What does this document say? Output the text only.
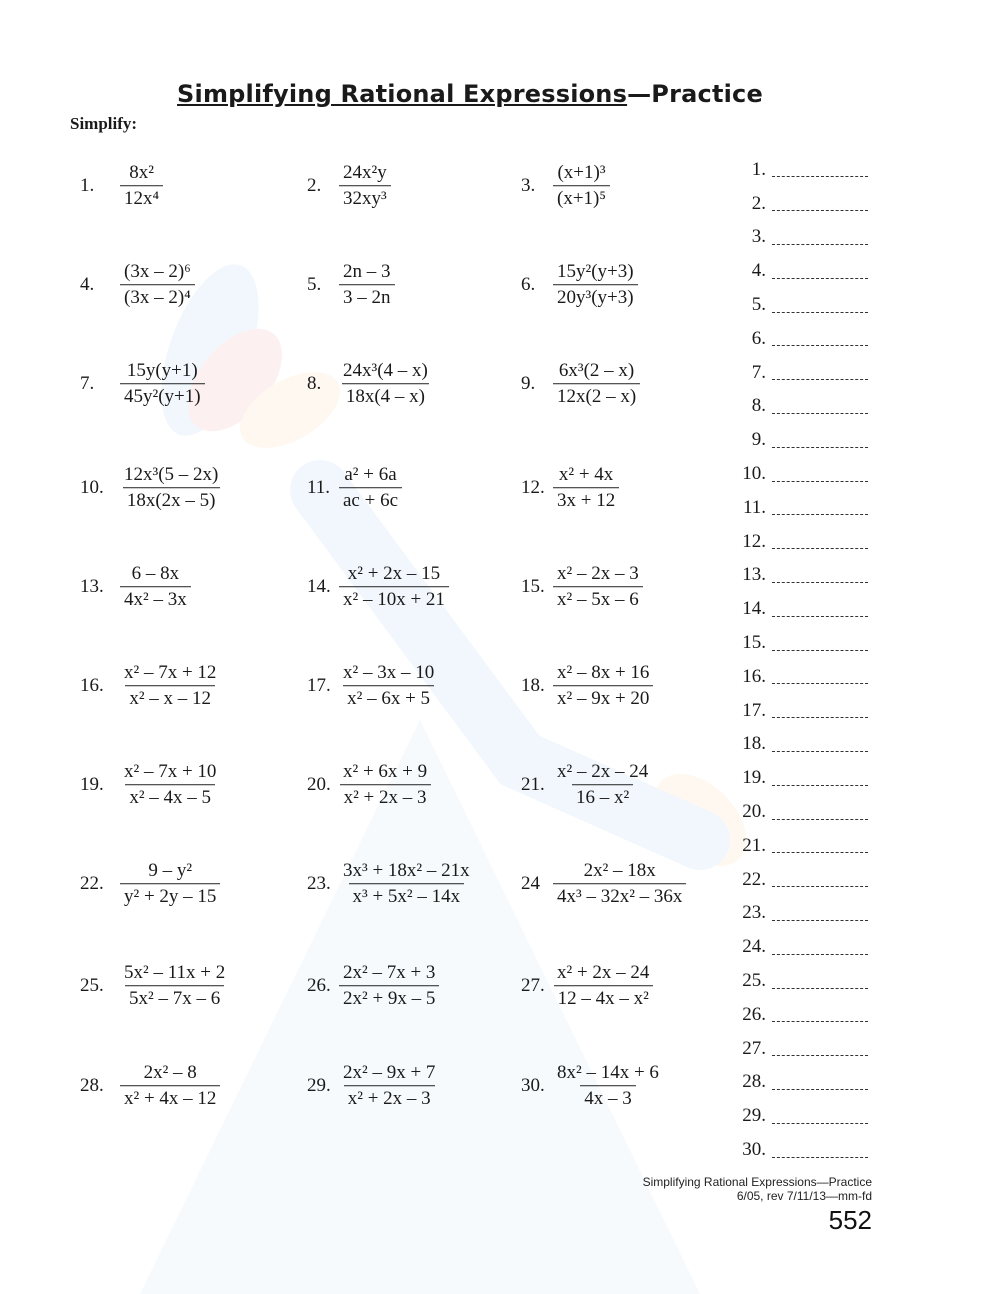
Simplifying Rational Expressions—Practice
Simplify:
1.	$\frac{\text{8x²}}{\text{12x⁴}}$	2. $\frac{\text{24x²y}}{\text{32xy³}}$	3. $\frac{\text{(x+1)³}}{\text{(x+1)⁵}}$
4.	$\frac{\text{(3x – 2)⁶}}{\text{(3x – 2)⁴}}$	5. $\frac{2n - 3}{3 - 2n}$	6. $\frac{\text{15y²(y+3)}}{\text{20y³(y+3)}}$
7.	$\frac{15y(y+1)}{\text{45y²(y+1)}}$	8. $\frac{\text{24x³(4 – x)}}{18x(4 - x)}$	9. $\frac{\text{6x³(2 – x)}}{12x(2 - x)}$
10. $\frac{\text{12x³(5 – 2x)}}{18x(2x - 5)}$	11. $\frac{\text{a² + 6a}}{ac + 6c}$	12. $\frac{\text{x² + 4x}}{3x + 12}$
13. $\frac{6 - 8x}{\text{4x² – 3x}}$	14. $\frac{\text{x² + 2x – 15}}{\text{x² – 10x + 21}}$	15. $\frac{\text{x² – 2x – 3}}{\text{x² – 5x – 6}}$
16. $\frac{\text{x² – 7x + 12}}{\text{x² – x – 12}}$	17. $\frac{\text{x² – 3x – 10}}{\text{x² – 6x + 5}}$	18. $\frac{\text{x² – 8x + 16}}{\text{x² – 9x + 20}}$
19. $\frac{\text{x² – 7x + 10}}{\text{x² – 4x – 5}}$	20. $\frac{\text{x² + 6x + 9}}{\text{x² + 2x – 3}}$	21. $\frac{\text{x² – 2x – 24}}{\text{16 – x²}}$
22. $\frac{\text{9 – y²}}{\text{y² + 2y – 15}}$	23. $\frac{\text{3x³ + 18x² – 21x}}{\text{x³ + 5x² – 14x}} 24 \frac{\text{2x² – 18x}}{\text{4x³ – 32x² – 36x}}$
25. $\frac{\text{5x² – 11x + 2}}{\text{5x² – 7x – 6}}$	26. $\frac{\text{2x² – 7x + 3}}{\text{2x² + 9x – 5}}$	27. $\frac{\text{x² + 2x – 24}}{\text{12 – 4x – x²}}$
28. $\frac{\text{2x² – 8}}{\text{x² + 4x – 12}}$	29. $\frac{\text{2x² – 9x + 7}}{\text{x² + 2x – 3}}$	30. $\frac{\text{8x² – 14x + 6}}{4x - 3}$
1.
2.
3.
4.
5.
6.
7.
8.
9.
10.
11.
12.
13.
14.
15.
16.
17.
18.
19.
20.
21.
22.
23.
24.
25.
26.
27.
28.
29.
30.
Simplifying Rational Expressions—Practice
6/05, rev 7/11/13—mm-fd
552
